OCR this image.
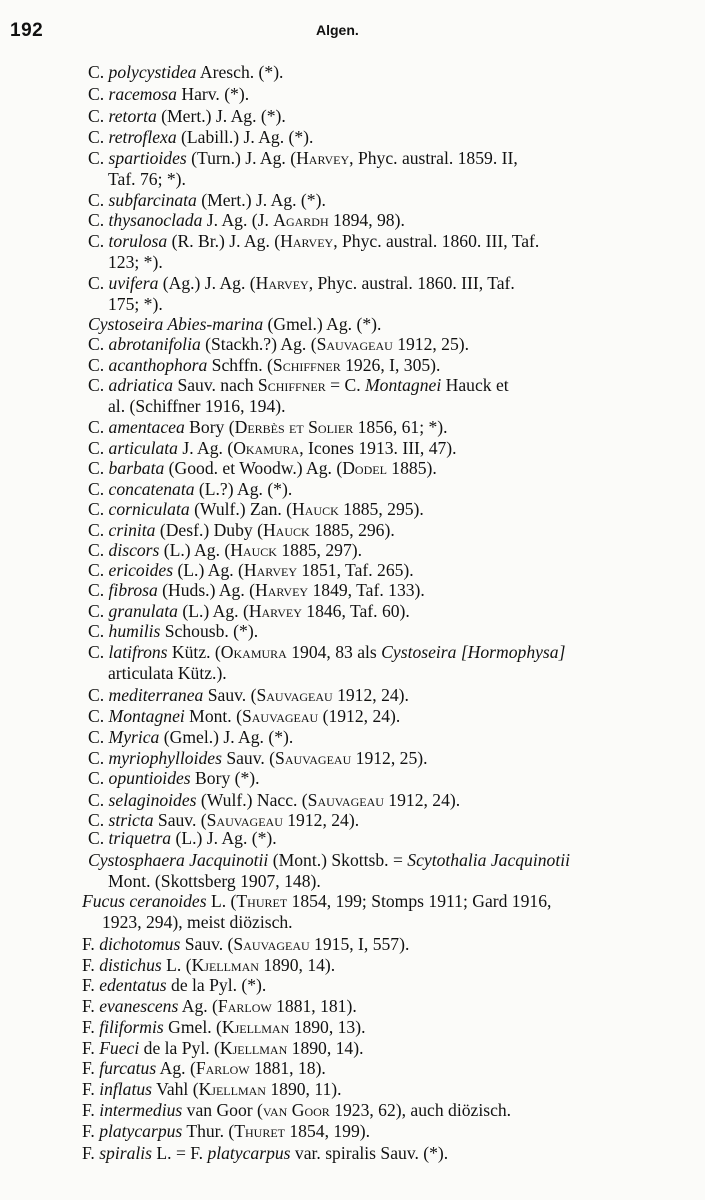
192	Algen.

C. polycystidea Aresch. (*).

C. racemosa Harv. (*).

C. retorta (Mert.) J. Ag. (*).

C. retroflexa (Labill.) J. Ag. (*).

C. spartioides (Turn.) J. Ag. (Harvey, Phyc. austral. 1859. II,
Taf. 76; *).

C. subfarcinata (Mert.) J. Ag. (*).

C. thysanoclada J. Ag. (J. Agardh 1894, 98).

C. torulosa (R. Br.) J. Ag. (Harvey, Phyc. austral. 1860. III, Taf.
123; *).

C. uvifera (Ag.) J. Ag. (Harvey, Phyc. austral. 1860. III, Taf.
175; *).

Cystoseira Abies-marina (Gmel.) Ag. (*).

C. abrotanifolia (Stackh.?) Ag. (Sauvageau 1912, 25).

C. acanthophora Schffn. (Schiffner 1926, I, 305).

C. adriatica Sauv. nach Schiffner = C. Montagnei Hauck et
al. (Schiffner 1916, 194).

C. amentacea Bory (Derbès et Solier 1856, 61; *).

C. articulata J. Ag. (Okamura, Icones 1913. III, 47).

C. barbata (Good. et Woodw.) Ag. (Dodel 1885).

C. concatenata (L.?) Ag. (*).

C. corniculata (Wulf.) Zan. (Hauck 1885, 295).

C. crinita (Desf.) Duby (Hauck 1885, 296).

C. discors (L.) Ag. (Hauck 1885, 297).

C. ericoides (L.) Ag. (Harvey 1851, Taf. 265).

C. fibrosa (Huds.) Ag. (Harvey 1849, Taf. 133).

C. granulata (L.) Ag. (Harvey 1846, Taf. 60).

C. humilis Schousb. (*).

C. latifrons Kütz. (Okamura 1904, 83 als Cystoseira [Hormophysa]
articulata Kütz.).

C. mediterranea Sauv. (Sauvageau 1912, 24).

C. Montagnei Mont. (Sauvageau (1912, 24).

C. Myrica (Gmel.) J. Ag. (*).

C. myriophylloides Sauv. (Sauvageau 1912, 25).

C. opuntioides Bory (*).

C. selaginoides (Wulf.) Nacc. (Sauvageau 1912, 24).

C. stricta Sauv. (Sauvageau 1912, 24).

C. triquetra (L.) J. Ag. (*).

Cystosphaera Jacquinotii (Mont.) Skottsb. = Scytothalia Jacquinotii
Mont. (Skottsberg 1907, 148).

Fucus ceranoides L. (Thuret 1854, 199; Stomps 1911; Gard 1916,
1923, 294), meist diözisch.

F. dichotomus Sauv. (Sauvageau 1915, I, 557).

F. distichus L. (Kjellman 1890, 14).

F. edentatus de la Pyl. (*).

F. evanescens Ag. (Farlow 1881, 181).

F. filiformis Gmel. (Kjellman 1890, 13).

F. Fueci de la Pyl. (Kjellman 1890, 14).

F. furcatus Ag. (Farlow 1881, 18).

F. inflatus Vahl (Kjellman 1890, 11).

F. intermedius van Goor (van Goor 1923, 62), auch diözisch.

F. platycarpus Thur. (Thuret 1854, 199).

F. spiralis L. = F. platycarpus var. spiralis Sauv. (*).
